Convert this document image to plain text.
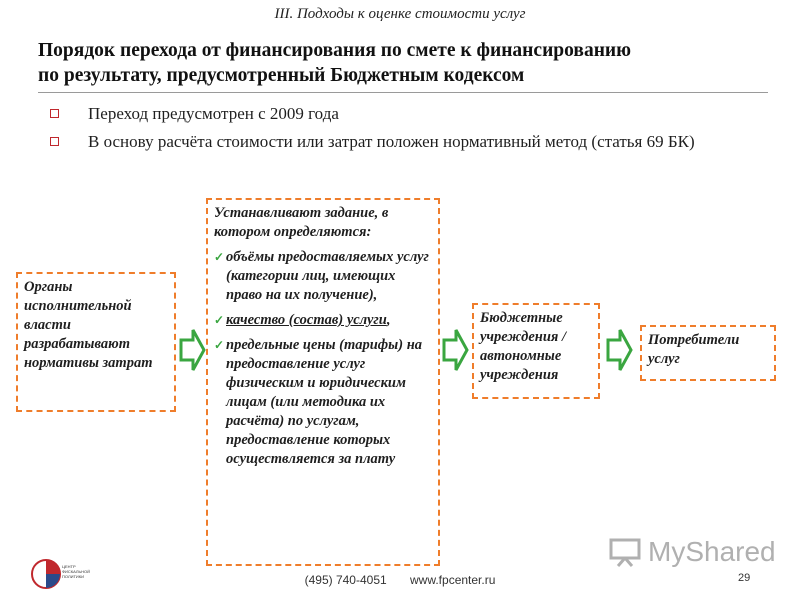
III. Подходы к оценке стоимости услуг
Порядок перехода от финансирования по смете к финансированию
по результату, предусмотренный Бюджетным кодексом
Переход предусмотрен с 2009 года
В основу расчёта стоимости или затрат положен нормативный метод (статья 69 БК)
Органы исполнительной власти разрабатывают нормативы затрат
Устанавливают задание, в котором определяются:
✓ объёмы предоставляемых услуг (категории лиц, имеющих право на их получение),
✓ качество (состав) услуги,
✓ предельные цены (тарифы) на предоставление услуг физическим и юридическим лицам (или методика их расчёта) по услугам, предоставление которых осуществляется за плату
Бюджетные учреждения / автономные учреждения
Потребители услуг
ЦЕНТР
ФИСКАЛЬНОЙ
ПОЛИТИКИ
MyShared
(495) 740-4051 www.fpcenter.ru	29
